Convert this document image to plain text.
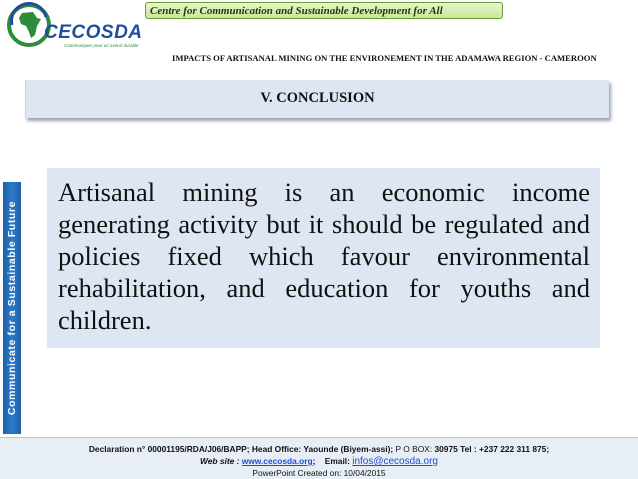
CECOSDA
Communiquer pour un avenir durable
Centre for Communication and Sustainable Development for All
IMPACTS OF ARTISANAL MINING ON THE ENVIRONEMENT IN THE ADAMAWA REGION - CAMEROON
V. CONCLUSION
Communicate for a Sustainable Future

Artisanal mining is an economic income generating activity but it should be regulated and policies fixed which favour environmental rehabilitation, and education for youths and children.

Declaration n° 00001195/RDA/J06/BAPP; Head Office: Yaounde (Biyem-assi); P O BOX: 30975 Tel : +237 222 311 875;
Web site : www.cecosda.org;    Email: infos@cecosda.org
PowerPoint Created on: 10/04/2015
